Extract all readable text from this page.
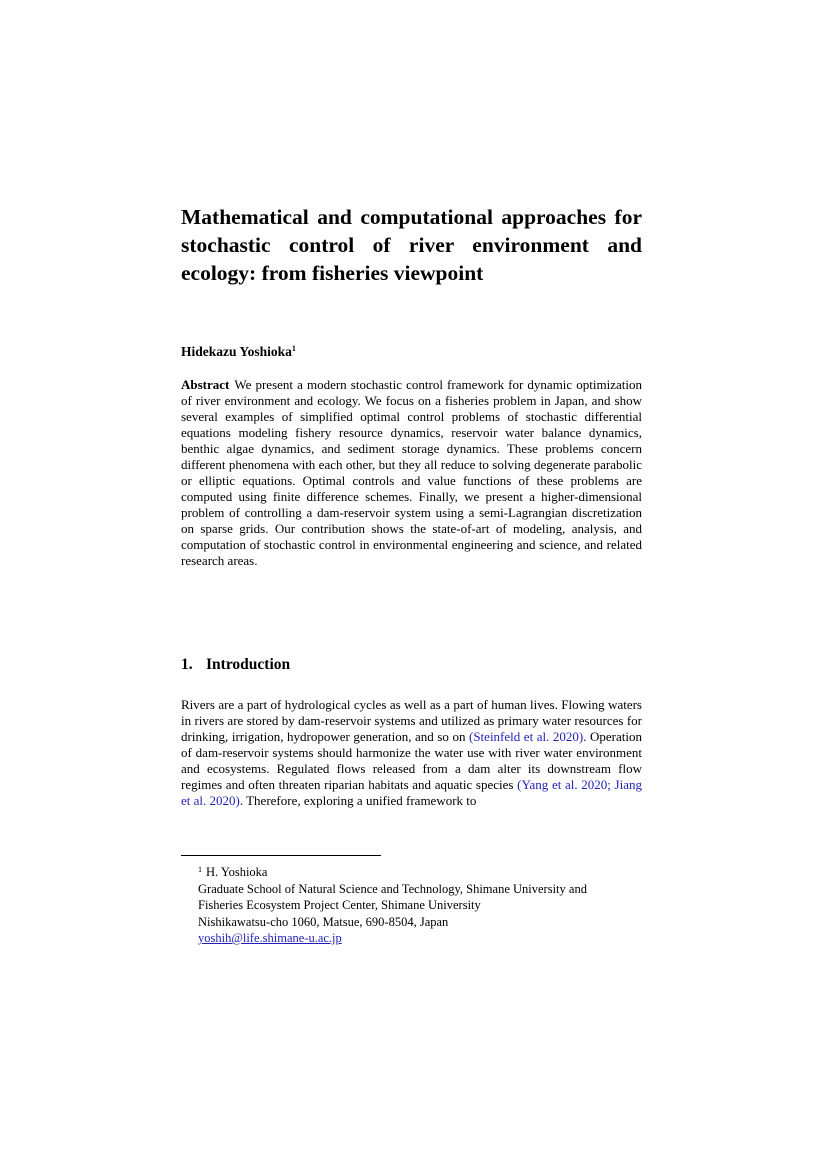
Mathematical and computational approaches for stochastic control of river environment and ecology: from fisheries viewpoint

Hidekazu Yoshioka$^1$

Abstract We present a modern stochastic control framework for dynamic optimization of river environment and ecology. We focus on a fisheries problem in Japan, and show several examples of simplified optimal control problems of stochastic differential equations modeling fishery resource dynamics, reservoir water balance dynamics, benthic algae dynamics, and sediment storage dynamics. These problems concern different phenomena with each other, but they all reduce to solving degenerate parabolic or elliptic equations. Optimal controls and value functions of these problems are computed using finite difference schemes. Finally, we present a higher-dimensional problem of controlling a dam-reservoir system using a semi-Lagrangian discretization on sparse grids. Our contribution shows the state-of-art of modeling, analysis, and computation of stochastic control in environmental engineering and science, and related research areas.

1. Introduction

Rivers are a part of hydrological cycles as well as a part of human lives. Flowing waters in rivers are stored by dam-reservoir systems and utilized as primary water resources for drinking, irrigation, hydropower generation, and so on (Steinfeld et al. 2020). Operation of dam-reservoir systems should harmonize the water use with river water environment and ecosystems. Regulated flows released from a dam alter its downstream flow regimes and often threaten riparian habitats and aquatic species (Yang et al. 2020; Jiang et al. 2020). Therefore, exploring a unified framework to

$^1$ H. Yoshioka
Graduate School of Natural Science and Technology, Shimane University and
Fisheries Ecosystem Project Center, Shimane University
Nishikawatsu-cho 1060, Matsue, 690-8504, Japan
yoshih@life.shimane-u.ac.jp
